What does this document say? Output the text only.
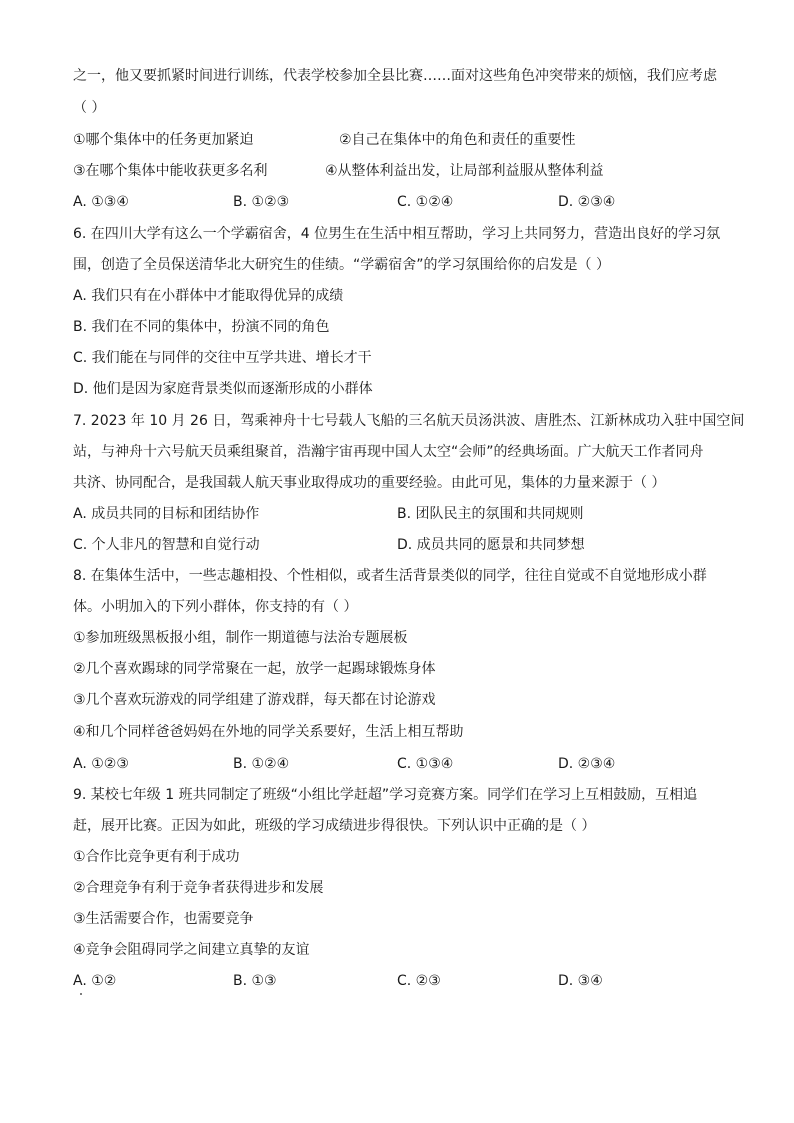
之一，他又要抓紧时间进行训练，代表学校参加全县比赛……面对这些角色冲突带来的烦恼，我们应考虑
（ ）
①哪个集体中的任务更加紧迫	②自己在集体中的角色和责任的重要性
③在哪个集体中能收获更多名利	④从整体利益出发，让局部利益服从整体利益
A. ①③④	B. ①②③	C. ①②④	D. ②③④
6. 在四川大学有这么一个学霸宿舍，4 位男生在生活中相互帮助，学习上共同努力，营造出良好的学习氛
围，创造了全员保送清华北大研究生的佳绩。“学霸宿舍”的学习氛围给你的启发是（ ）
A. 我们只有在小群体中才能取得优异的成绩
B. 我们在不同的集体中，扮演不同的角色
C. 我们能在与同伴的交往中互学共进、增长才干
D. 他们是因为家庭背景类似而逐渐形成的小群体
7. 2023 年 10 月 26 日，驾乘神舟十七号载人飞船的三名航天员汤洪波、唐胜杰、江新林成功入驻中国空间
站，与神舟十六号航天员乘组聚首，浩瀚宇宙再现中国人太空“会师”的经典场面。广大航天工作者同舟
共济、协同配合，是我国载人航天事业取得成功的重要经验。由此可见，集体的力量来源于（ ）
A. 成员共同的目标和团结协作	B. 团队民主的氛围和共同规则
C. 个人非凡的智慧和自觉行动	D. 成员共同的愿景和共同梦想
8. 在集体生活中，一些志趣相投、个性相似，或者生活背景类似的同学，往往自觉或不自觉地形成小群
体。小明加入的下列小群体，你支持的有（ ）
①参加班级黑板报小组，制作一期道德与法治专题展板
②几个喜欢踢球的同学常聚在一起，放学一起踢球锻炼身体
③几个喜欢玩游戏的同学组建了游戏群，每天都在讨论游戏
④和几个同样爸爸妈妈在外地的同学关系要好，生活上相互帮助
A. ①②③	B. ①②④	C. ①③④	D. ②③④
9. 某校七年级 1 班共同制定了班级“小组比学赶超”学习竞赛方案。同学们在学习上互相鼓励，互相追
赶，展开比赛。正因为如此，班级的学习成绩进步得很快。下列认识中正确的是（ ）
①合作比竞争更有利于成功
②合理竞争有利于竞争者获得进步和发展
③生活需要合作，也需要竞争
④竞争会阻碍同学之间建立真挚的友谊
A. ①②	B. ①③	C. ②③	D. ③④
